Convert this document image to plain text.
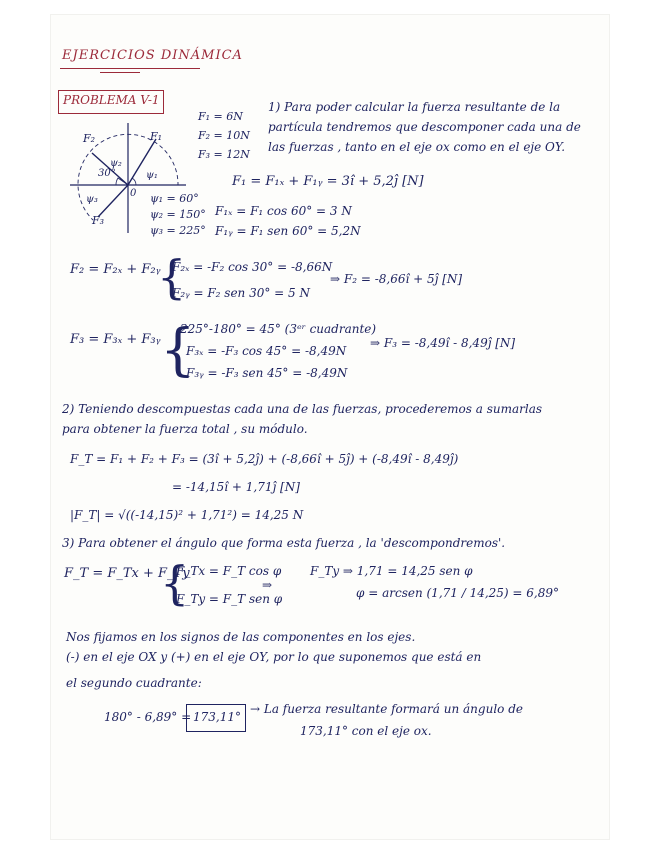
EJERCICIOS DINÁMICA
PROBLEMA V-1
F₁
F₂
F₃
ψ₂
30°	ψ₁
ψ₃
0 ψ₁ = 60°
ψ₂ = 150°
ψ₃ = 225°
F₁ = 6N
F₂ = 10N
F₃ = 12N
1) Para poder calcular la fuerza resultante de la
partícula tendremos que descomponer cada una de
las fuerzas , tanto en el eje ox como en el eje OY.
F₁ = F₁ₓ + F₁ᵧ = 3î + 5,2ĵ [N]
F₁ₓ = F₁ cos 60° = 3 N
F₁ᵧ = F₁ sen 60° = 5,2N
F₂ = F₂ₓ + F₂ᵧ
{
F₂ₓ = -F₂ cos 30° = -8,66N
F₂ᵧ = F₂ sen 30° = 5 N
⇒ F₂ = -8,66î + 5ĵ [N]
F₃ = F₃ₓ + F₃ᵧ {
225°-180° = 45° (3ᵉʳ cuadrante)
F₃ₓ = -F₃ cos 45° = -8,49N
F₃ᵧ = -F₃ sen 45° = -8,49N
⇒ F₃ = -8,49î - 8,49ĵ [N]
2) Teniendo descompuestas cada una de las fuerzas, procederemos a sumarlas
para obtener la fuerza total , su módulo.
F_T = F₁ + F₂ + F₃ = (3î + 5,2ĵ) + (-8,66î + 5ĵ) + (-8,49î - 8,49ĵ)
= -14,15î + 1,71ĵ [N]
|F_T| = √((-14,15)² + 1,71²) = 14,25 N
3) Para obtener el ángulo que forma esta fuerza , la 'descompondremos'.
F_T = F_Tx + F_Ty
{
F_Tx = F_T cos φ
F_Ty = F_T sen φ
⇒
F_Ty ⇒ 1,71 = 14,25 sen φ
φ = arcsen (1,71 / 14,25) = 6,89°
Nos fijamos en los signos de las componentes en los ejes.
(-) en el eje OX y (+) en el eje OY, por lo que suponemos que está en
el segundo cuadrante:
180° - 6,89° = 173,11°
→ La fuerza resultante formará un ángulo de
173,11° con el eje ox.
